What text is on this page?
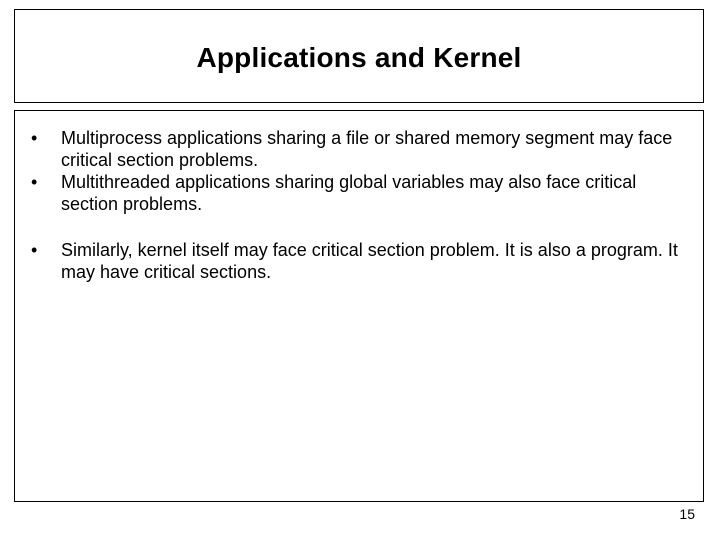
Applications and Kernel
• Multiprocess applications sharing a file or shared memory segment may face critical section problems.
• Multithreaded applications sharing global variables may also face critical section problems.
• Similarly, kernel itself may face critical section problem. It is also a program. It may have critical sections.
15
